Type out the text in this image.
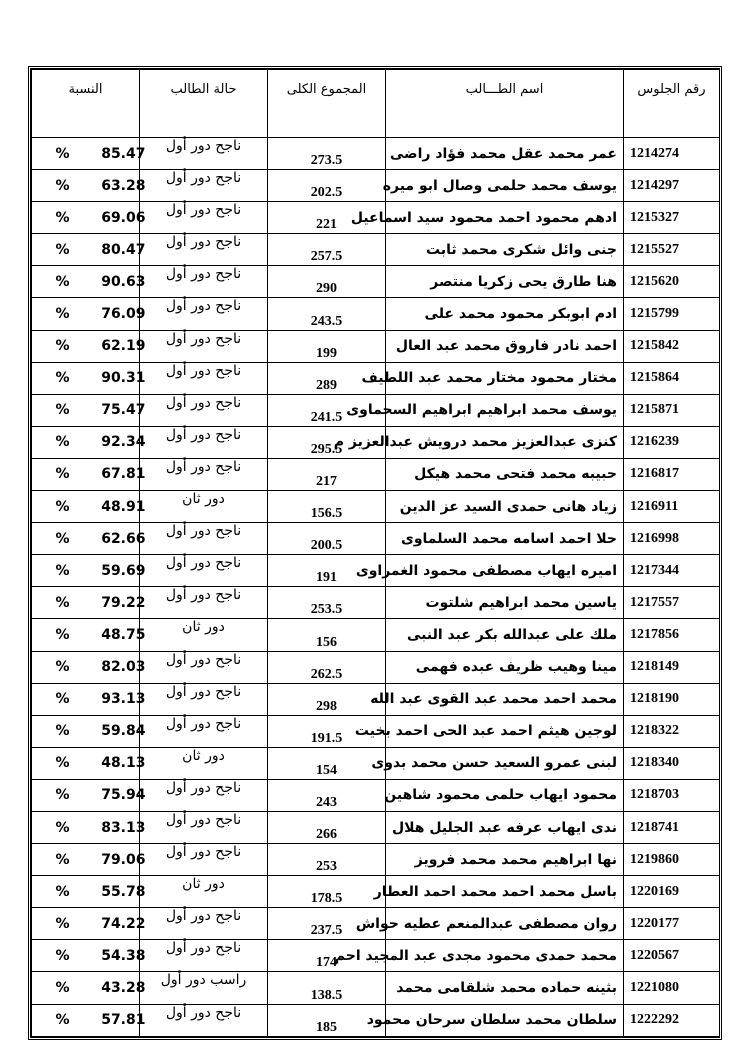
النسبة	حالة الطالب	المجموع الكلى	اسم الطـــالب	رقم الجلوس
85.47%	ناجح دور أول	273.5	عمر محمد عقل محمد فؤاد راضى	1214274
63.28%	ناجح دور أول	202.5	يوسف محمد حلمى وصال ابو ميره	1214297
69.06%	ناجح دور أول	221	ادهم محمود احمد محمود سيد اسماعيل	1215327
80.47%	ناجح دور أول	257.5	جنى وائل شكرى محمد ثابت	1215527
90.63%	ناجح دور أول	290	هنا طارق يحى زكريا منتصر	1215620
76.09%	ناجح دور أول	243.5	ادم ابوبكر محمود محمد على	1215799
62.19%	ناجح دور أول	199	احمد نادر فاروق محمد عبد العال	1215842
90.31%	ناجح دور أول	289	مختار محمود مختار محمد عبد اللطيف	1215864
75.47%	ناجح دور أول	241.5	يوسف محمد ابراهيم ابراهيم السحماوى	1215871
92.34%	ناجح دور أول	295.5	كنزى عبدالعزيز محمد درويش عبدالعزيز م	1216239
67.81%	ناجح دور أول	217	حبيبه محمد فتحى محمد هيكل	1216817
48.91%	دور ثان	156.5	زياد هانى حمدى السيد عز الدين	1216911
62.66%	ناجح دور أول	200.5	حلا احمد اسامه محمد السلماوى	1216998
59.69%	ناجح دور أول	191	اميره ايهاب مصطفى محمود الغمراوى	1217344
79.22%	ناجح دور أول	253.5	ياسين محمد ابراهيم شلتوت	1217557
48.75%	دور ثان	156	ملك على عبدالله بكر عبد النبى	1217856
82.03%	ناجح دور أول	262.5	مينا وهيب ظريف عبده فهمى	1218149
93.13%	ناجح دور أول	298	محمد احمد محمد عبد القوى عبد الله	1218190
59.84%	ناجح دور أول	191.5	لوجين هيثم احمد عبد الحى احمد بخيت	1218322
48.13%	دور ثان	154	لبنى عمرو السعيد حسن محمد بدوى	1218340
75.94%	ناجح دور أول	243	محمود ايهاب حلمى محمود شاهين	1218703
83.13%	ناجح دور أول	266	ندى ايهاب عرفه عبد الجليل هلال	1218741
79.06%	ناجح دور أول	253	نها ابراهيم محمد محمد فرويز	1219860
55.78%	دور ثان	178.5	باسل محمد احمد محمد احمد العطار	1220169
74.22%	ناجح دور أول	237.5	روان مصطفى عبدالمنعم عطيه حواش	1220177
54.38%	ناجح دور أول	174	محمد حمدى محمود مجدى عبد المجيد احم	1220567
43.28%	راسب دور أول	138.5	بثينه حماده محمد شلقامى محمد	1221080
57.81%	ناجح دور أول	185	سلطان محمد سلطان سرحان محمود	1222292
